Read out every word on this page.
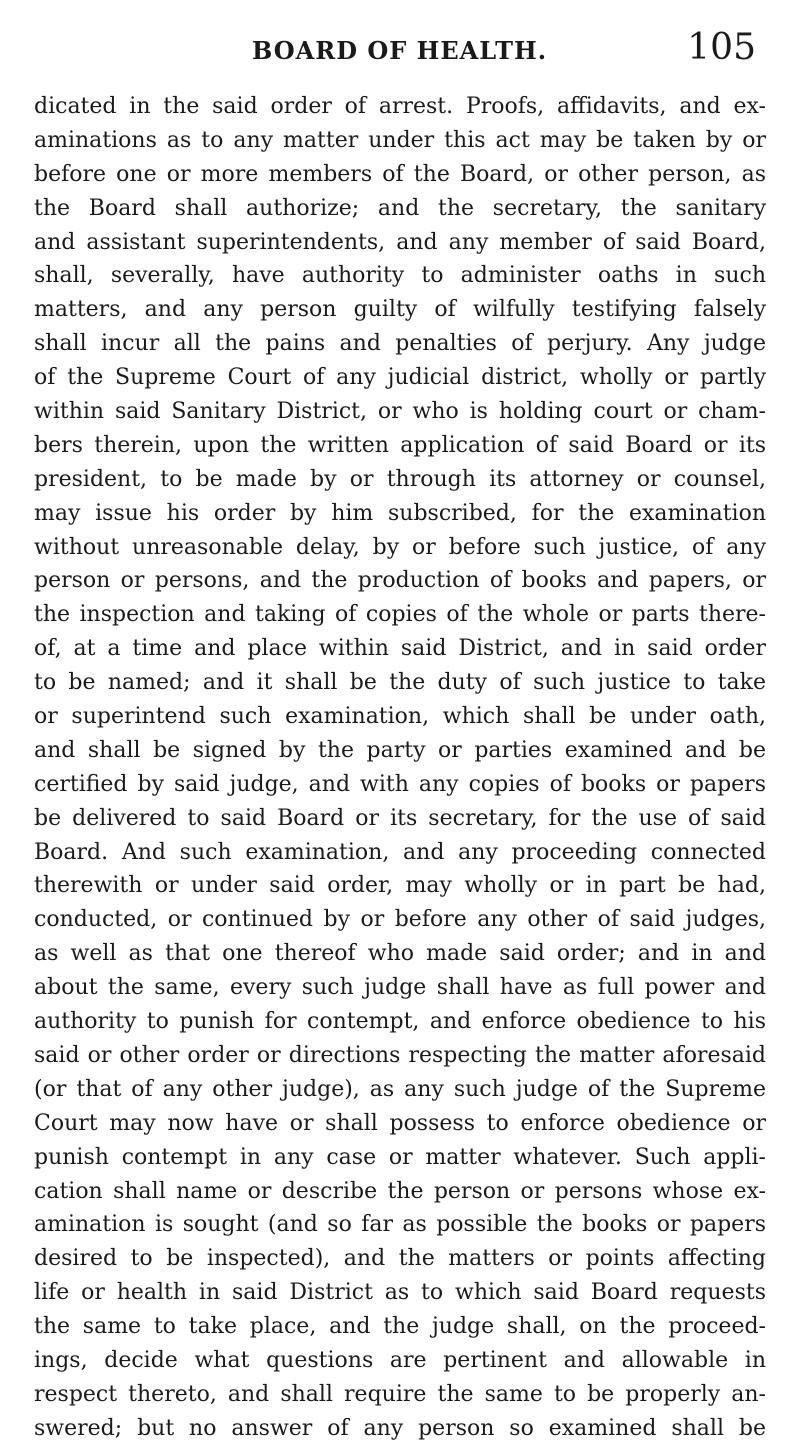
BOARD OF HEALTH.	105
dicated in the said order of arrest. Proofs, affidavits, and ex-
aminations as to any matter under this act may be taken by or
before one or more members of the Board, or other person, as
the Board shall authorize; and the secretary, the sanitary
and assistant superintendents, and any member of said Board,
shall, severally, have authority to administer oaths in such
matters, and any person guilty of wilfully testifying falsely
shall incur all the pains and penalties of perjury. Any judge
of the Supreme Court of any judicial district, wholly or partly
within said Sanitary District, or who is holding court or cham-
bers therein, upon the written application of said Board or its
president, to be made by or through its attorney or counsel,
may issue his order by him subscribed, for the examination
without unreasonable delay, by or before such justice, of any
person or persons, and the production of books and papers, or
the inspection and taking of copies of the whole or parts there-
of, at a time and place within said District, and in said order
to be named; and it shall be the duty of such justice to take
or superintend such examination, which shall be under oath,
and shall be signed by the party or parties examined and be
certified by said judge, and with any copies of books or papers
be delivered to said Board or its secretary, for the use of said
Board. And such examination, and any proceeding connected
therewith or under said order, may wholly or in part be had,
conducted, or continued by or before any other of said judges,
as well as that one thereof who made said order; and in and
about the same, every such judge shall have as full power and
authority to punish for contempt, and enforce obedience to his
said or other order or directions respecting the matter aforesaid
(or that of any other judge), as any such judge of the Supreme
Court may now have or shall possess to enforce obedience or
punish contempt in any case or matter whatever. Such appli-
cation shall name or describe the person or persons whose ex-
amination is sought (and so far as possible the books or papers
desired to be inspected), and the matters or points affecting
life or health in said District as to which said Board requests
the same to take place, and the judge shall, on the proceed-
ings, decide what questions are pertinent and allowable in
respect thereto, and shall require the same to be properly an-
swered; but no answer of any person so examined shall be
